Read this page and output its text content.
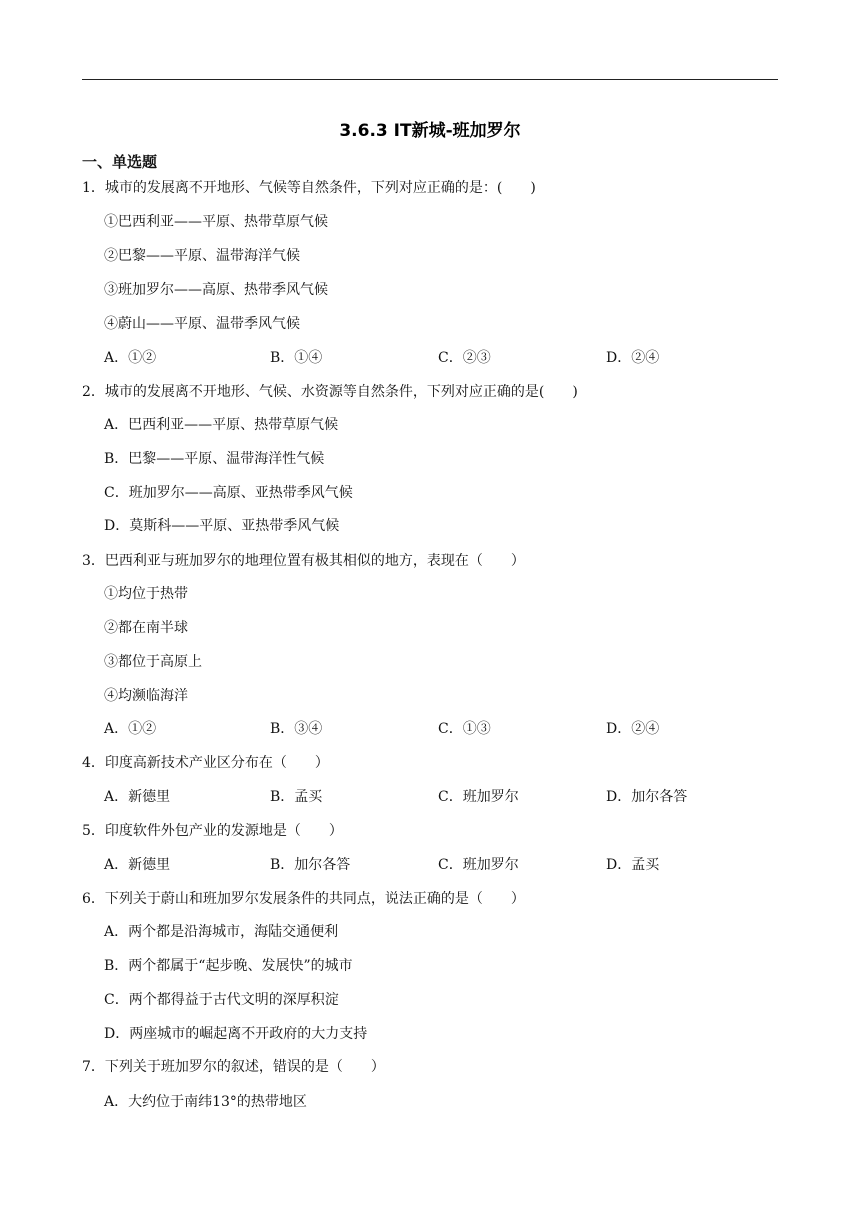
3.6.3 IT新城-班加罗尔
一、单选题
1．城市的发展离不开地形、气候等自然条件，下列对应正确的是：(　　)
①巴西利亚——平原、热带草原气候
②巴黎——平原、温带海洋气候
③班加罗尔——高原、热带季风气候
④蔚山——平原、温带季风气候
A．①②	B．①④	C．②③	D．②④
2．城市的发展离不开地形、气候、水资源等自然条件，下列对应正确的是(　　)
A．巴西利亚——平原、热带草原气候
B．巴黎——平原、温带海洋性气候
C．班加罗尔——高原、亚热带季风气候
D．莫斯科——平原、亚热带季风气候
3．巴西利亚与班加罗尔的地理位置有极其相似的地方，表现在（　　）
①均位于热带
②都在南半球
③都位于高原上
④均濒临海洋
A．①②	B．③④	C．①③	D．②④
4．印度高新技术产业区分布在（　　）
A．新德里	B．孟买	C．班加罗尔	D．加尔各答
5．印度软件外包产业的发源地是（　　）
A．新德里	B．加尔各答	C．班加罗尔	D．孟买
6．下列关于蔚山和班加罗尔发展条件的共同点，说法正确的是（　　）
A．两个都是沿海城市，海陆交通便利
B．两个都属于“起步晚、发展快”的城市
C．两个都得益于古代文明的深厚积淀
D．两座城市的崛起离不开政府的大力支持
7．下列关于班加罗尔的叙述，错误的是（　　）
A．大约位于南纬13°的热带地区
